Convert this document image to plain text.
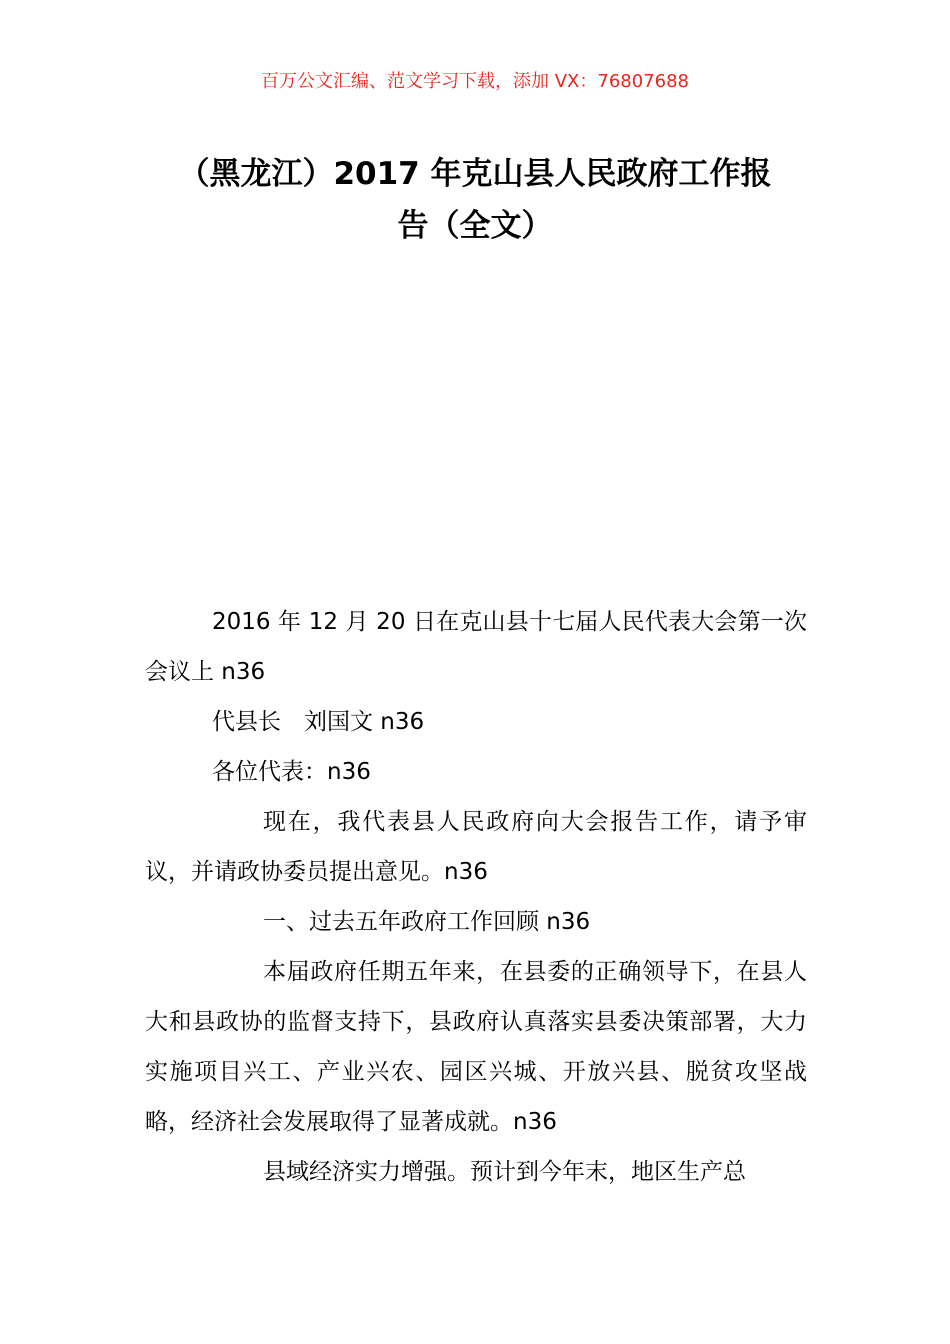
百万公文汇编、范文学习下载，添加 VX：76807688
（黑龙江）2017 年克山县人民政府工作报
告（全文）

2016 年 12 月 20 日在克山县十七届人民代表大会第一次会议上 n36

代县长　刘国文 n36

各位代表：n36

现在，我代表县人民政府向大会报告工作，请予审议，并请政协委员提出意见。n36

一、过去五年政府工作回顾 n36

本届政府任期五年来，在县委的正确领导下，在县人大和县政协的监督支持下，县政府认真落实县委决策部署，大力实施项目兴工、产业兴农、园区兴城、开放兴县、脱贫攻坚战略，经济社会发展取得了显著成就。n36

县域经济实力增强。预计到今年末，地区生产总
